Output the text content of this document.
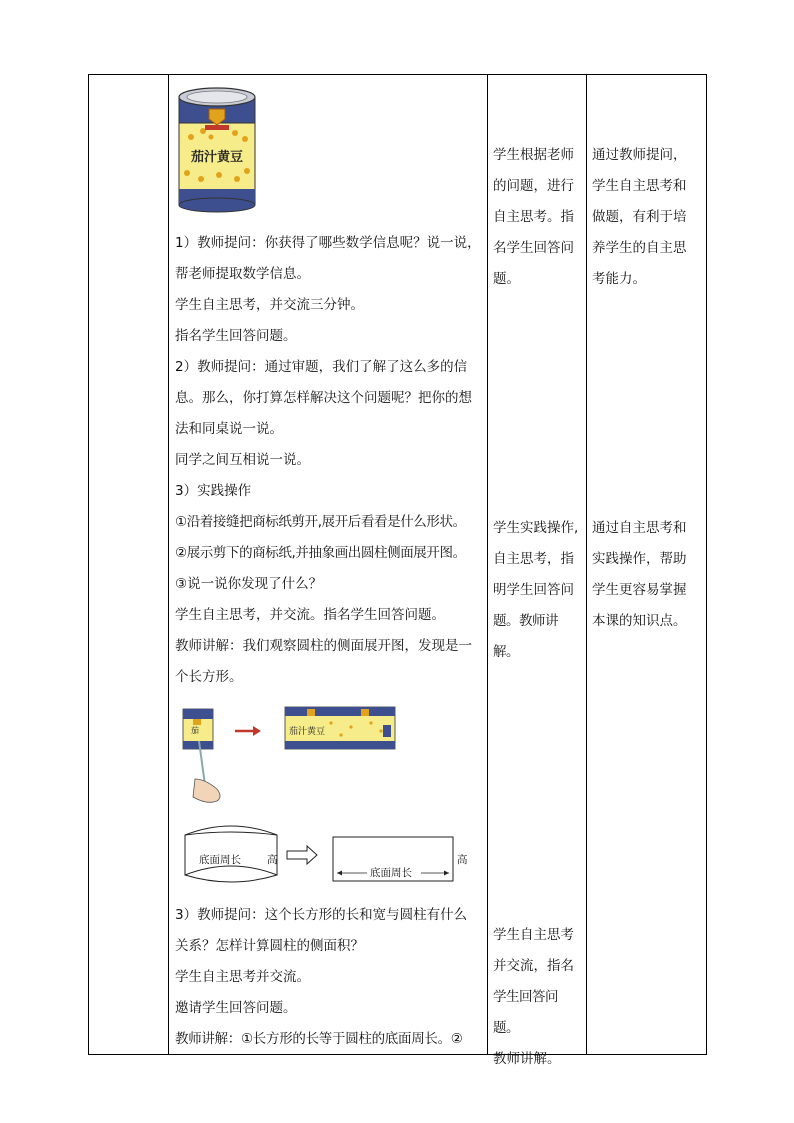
茄汁黄豆

1）教师提问：你获得了哪些数学信息呢？说一说，

帮老师提取数学信息。

学生自主思考，并交流三分钟。

指名学生回答问题。

2）教师提问：通过审题，我们了解了这么多的信

息。那么，你打算怎样解决这个问题呢？把你的想

法和同桌说一说。

同学之间互相说一说。

3）实践操作

①沿着接缝把商标纸剪开,展开后看看是什么形状。

②展示剪下的商标纸,并抽象画出圆柱侧面展开图。

③说一说你发现了什么？

学生自主思考，并交流。指名学生回答问题。

教师讲解：我们观察圆柱的侧面展开图，发现是一

个长方形。

茄	茄汁黄豆
底面周长 高
底面周长
高

3）教师提问：这个长方形的长和宽与圆柱有什么

关系？怎样计算圆柱的侧面积？

学生自主思考并交流。

邀请学生回答问题。

教师讲解：①长方形的长等于圆柱的底面周长。②

学生根据老师

的问题，进行

自主思考。指

名学生回答问

题。

学生实践操作,

自主思考，指

明学生回答问

题。教师讲解。

学生自主思考

并交流，指名

学生回答问题。

教师讲解。

通过教师提问，

学生自主思考和

做题，有利于培

养学生的自主思

考能力。

通过自主思考和

实践操作，帮助

学生更容易掌握

本课的知识点。
